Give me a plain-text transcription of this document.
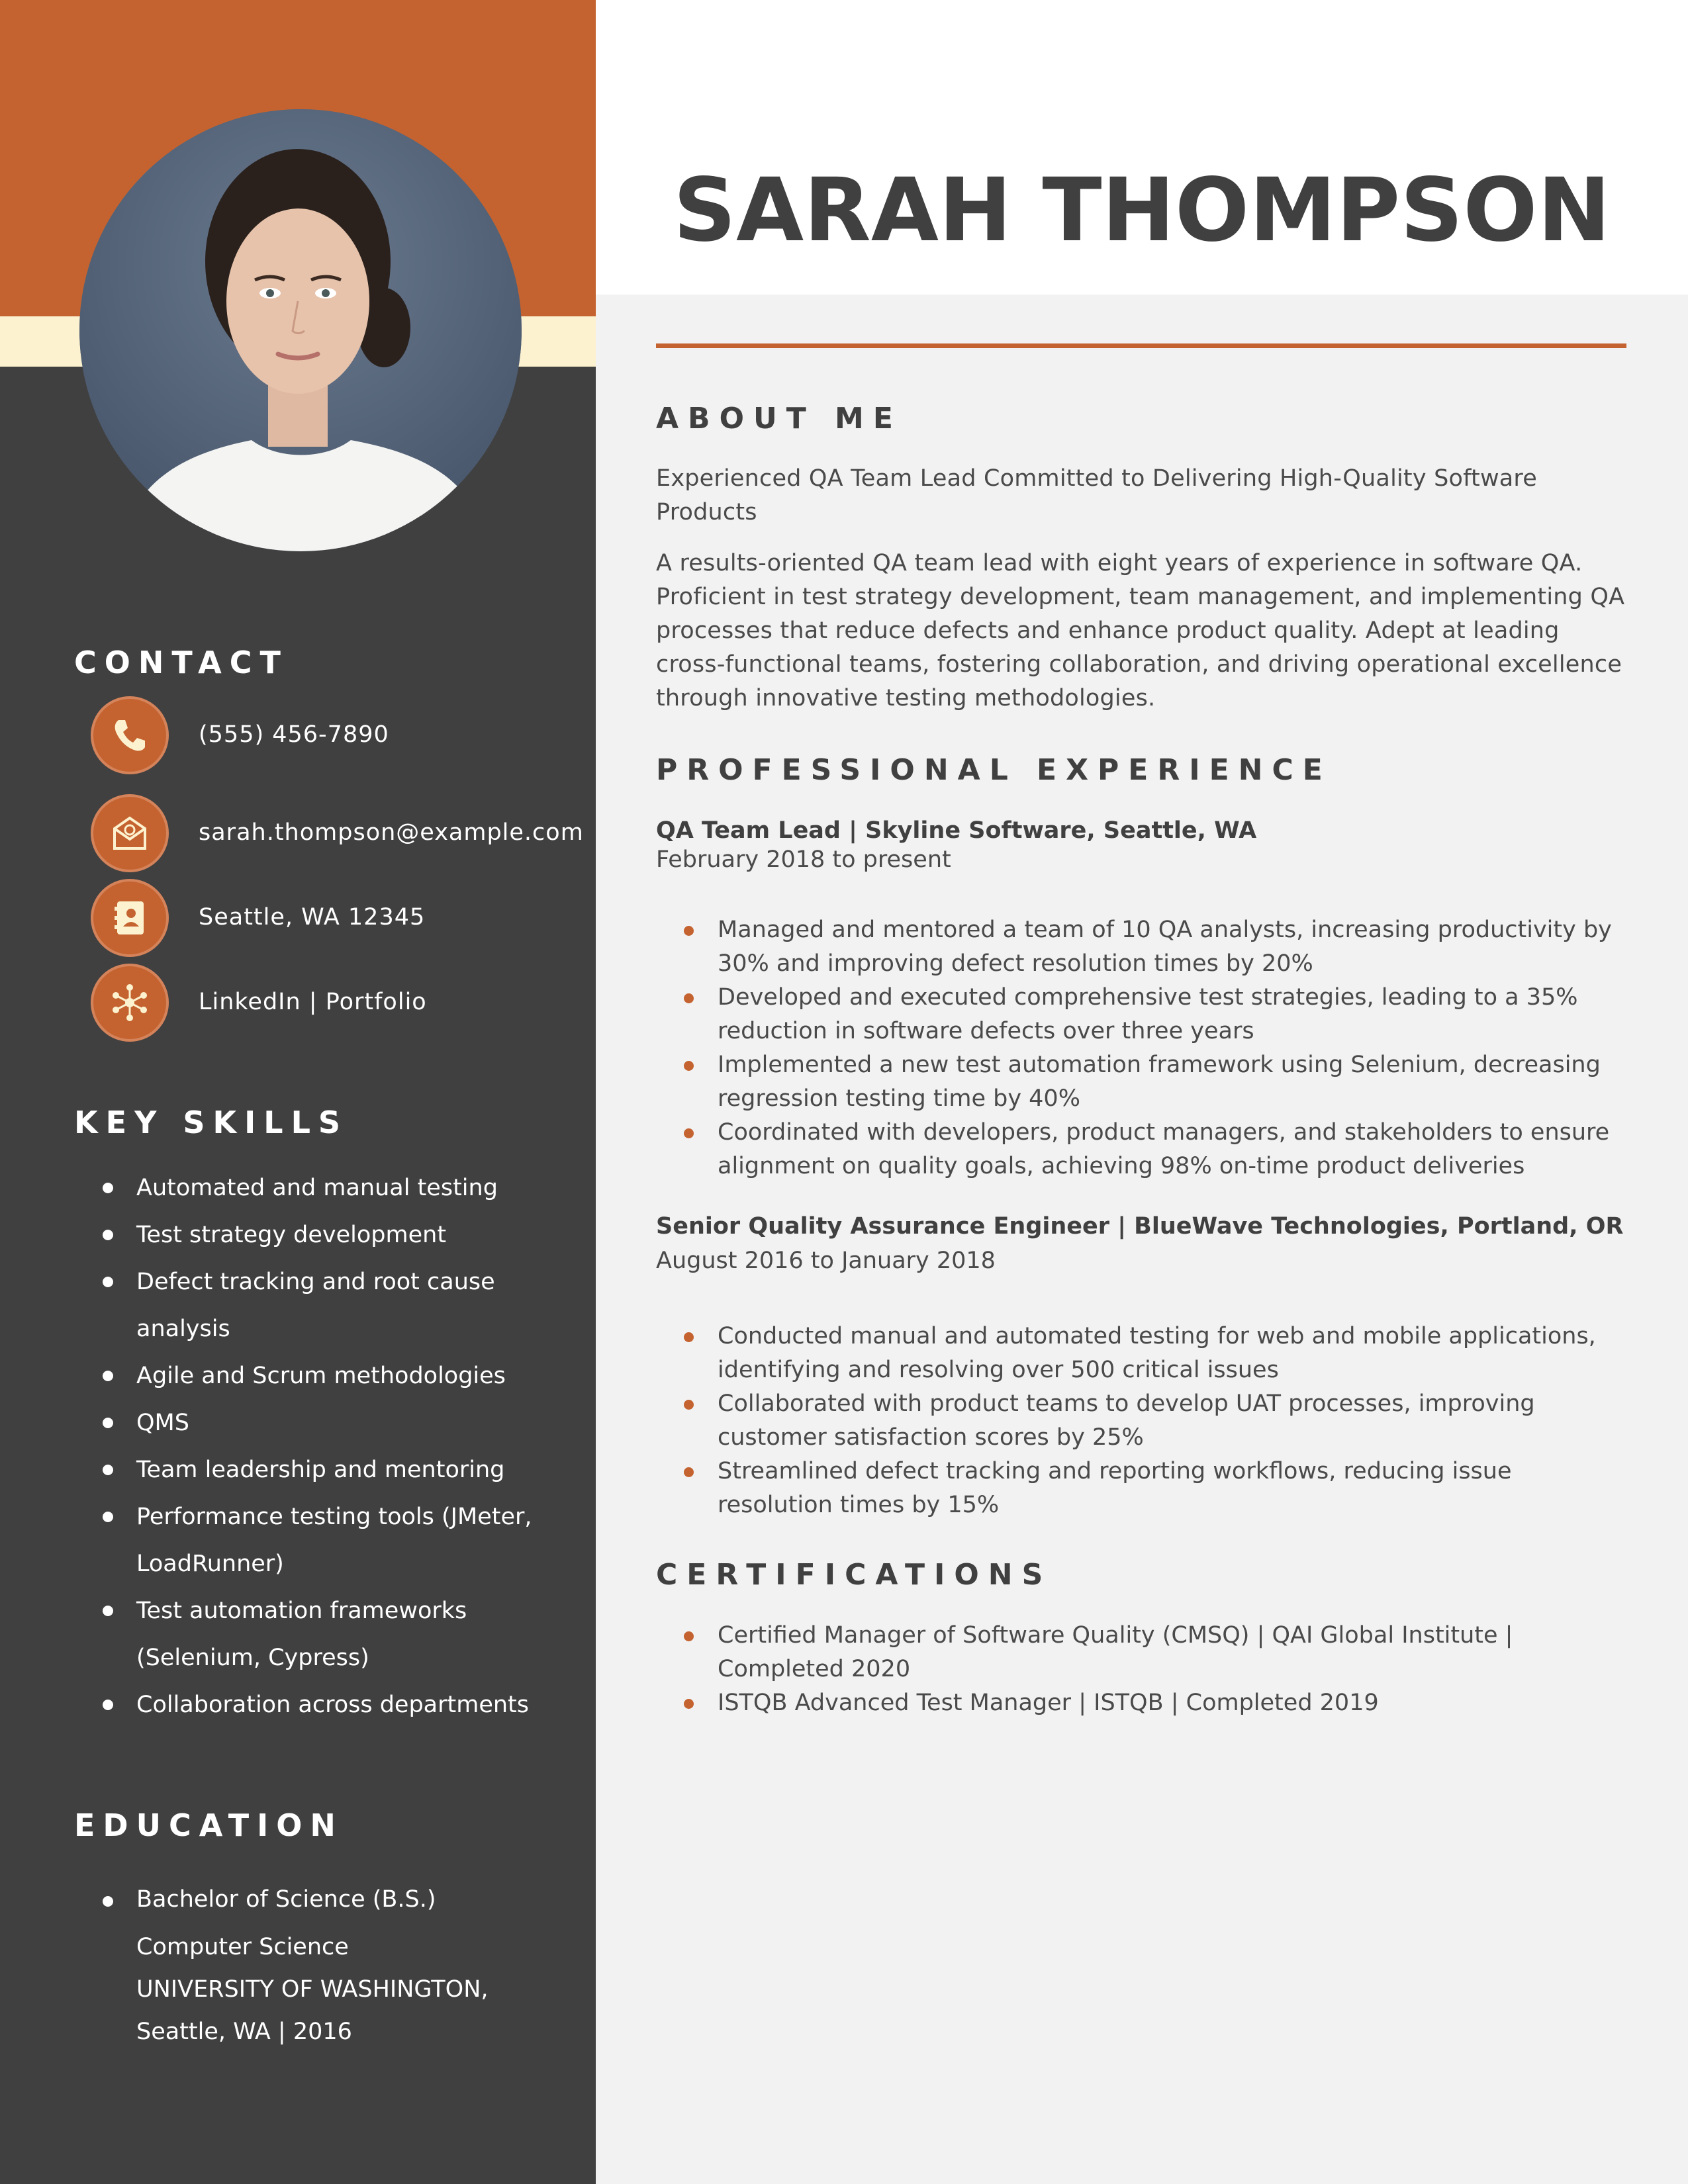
CONTACT
(555) 456-7890
sarah.thompson@example.com
Seattle, WA 12345
LinkedIn | Portfolio
KEY SKILLS
Automated and manual testing
Test strategy development
Defect tracking and root cause analysis
Agile and Scrum methodologies
QMS
Team leadership and mentoring
Performance testing tools (JMeter, LoadRunner)
Test automation frameworks (Selenium, Cypress)
Collaboration across departments
EDUCATION
Bachelor of Science (B.S.)
Computer Science
UNIVERSITY OF WASHINGTON,
Seattle, WA | 2016
SARAH THOMPSON
ABOUT ME

Experienced QA Team Lead Committed to Delivering High-Quality Software Products

A results-oriented QA team lead with eight years of experience in software QA. Proficient in test strategy development, team management, and implementing QA processes that reduce defects and enhance product quality. Adept at leading cross-functional teams, fostering collaboration, and driving operational excellence through innovative testing methodologies.

PROFESSIONAL EXPERIENCE

QA Team Lead | Skyline Software, Seattle, WA

February 2018 to present

Managed and mentored a team of 10 QA analysts, increasing productivity by 30% and improving defect resolution times by 20%
Developed and executed comprehensive test strategies, leading to a 35% reduction in software defects over three years
Implemented a new test automation framework using Selenium, decreasing regression testing time by 40%
Coordinated with developers, product managers, and stakeholders to ensure alignment on quality goals, achieving 98% on-time product deliveries

Senior Quality Assurance Engineer | BlueWave Technologies, Portland, OR

August 2016 to January 2018

Conducted manual and automated testing for web and mobile applications, identifying and resolving over 500 critical issues
Collaborated with product teams to develop UAT processes, improving customer satisfaction scores by 25%
Streamlined defect tracking and reporting workflows, reducing issue resolution times by 15%
CERTIFICATIONS
Certified Manager of Software Quality (CMSQ) | QAI Global Institute | Completed 2020
ISTQB Advanced Test Manager | ISTQB | Completed 2019
